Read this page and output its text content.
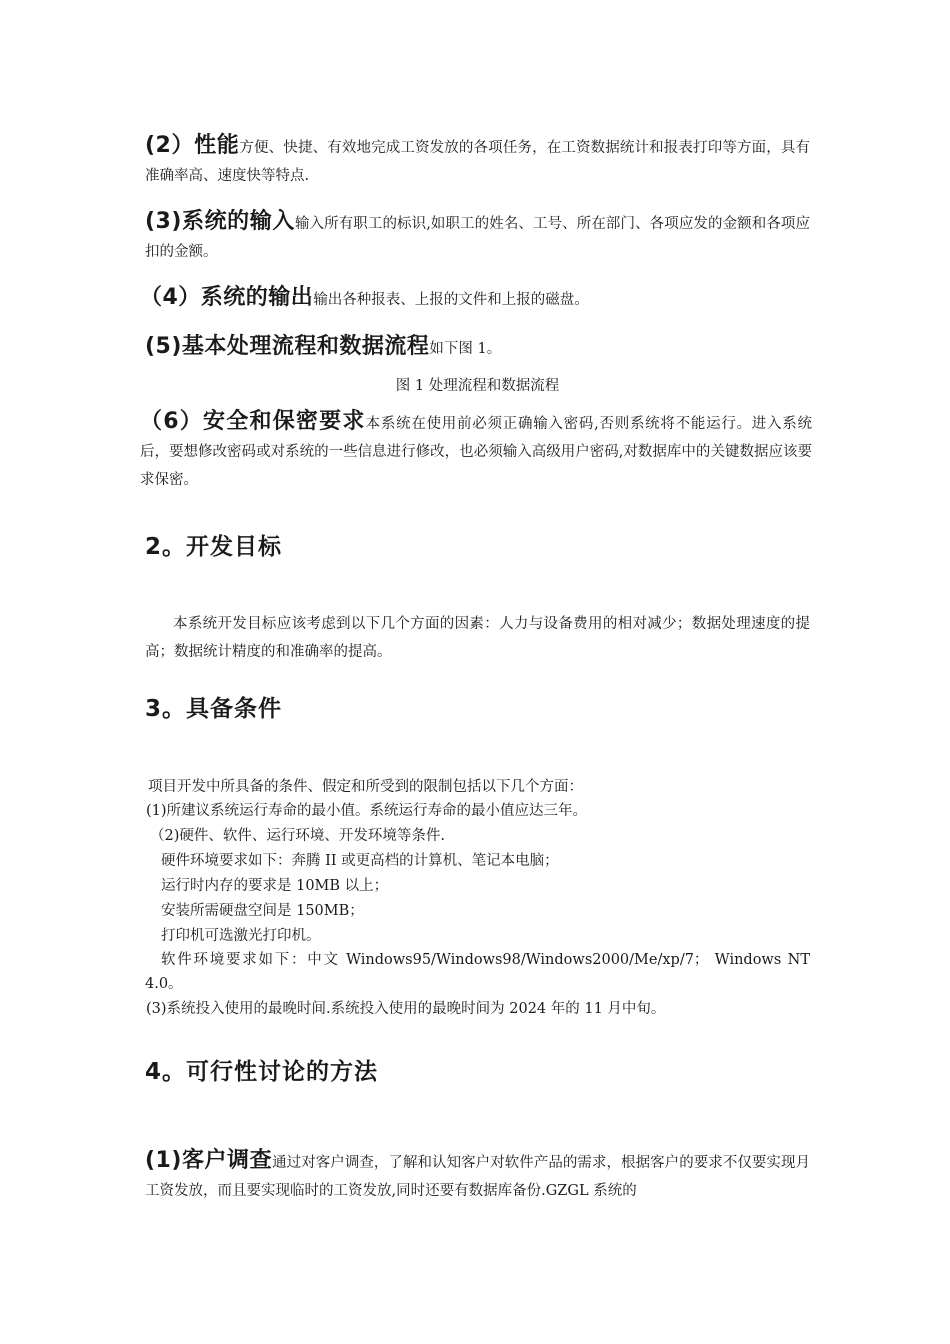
(2）性能方便、快捷、有效地完成工资发放的各项任务，在工资数据统计和报表打印等方面，具有准确率高、速度快等特点.

(3)系统的输入输入所有职工的标识,如职工的姓名、工号、所在部门、各项应发的金额和各项应扣的金额。

（4）系统的输出输出各种报表、上报的文件和上报的磁盘。

(5)基本处理流程和数据流程如下图 1。

图 1 处理流程和数据流程

（6）安全和保密要求本系统在使用前必须正确输入密码,否则系统将不能运行。进入系统后，要想修改密码或对系统的一些信息进行修改，也必须输入高级用户密码,对数据库中的关键数据应该要求保密。

2。开发目标

本系统开发目标应该考虑到以下几个方面的因素：人力与设备费用的相对减少；数据处理速度的提高；数据统计精度的和准确率的提高。

3。具备条件
项目开发中所具备的条件、假定和所受到的限制包括以下几个方面：
(1)所建议系统运行寿命的最小值。系统运行寿命的最小值应达三年。
（2)硬件、软件、运行环境、开发环境等条件.
硬件环境要求如下：奔腾 II 或更高档的计算机、笔记本电脑；
运行时内存的要求是 10MB 以上；
安装所需硬盘空间是 150MB；
打印机可选激光打印机。
软件环境要求如下：中文 Windows95/Windows98/Windows2000/Me/xp/7； Windows NT 4.0。
(3)系统投入使用的最晚时间.系统投入使用的最晚时间为 2024 年的 11 月中旬。
4。可行性讨论的方法

(1)客户调查通过对客户调查，了解和认知客户对软件产品的需求，根据客户的要求不仅要实现月工资发放，而且要实现临时的工资发放,同时还要有数据库备份.GZGL 系统的
